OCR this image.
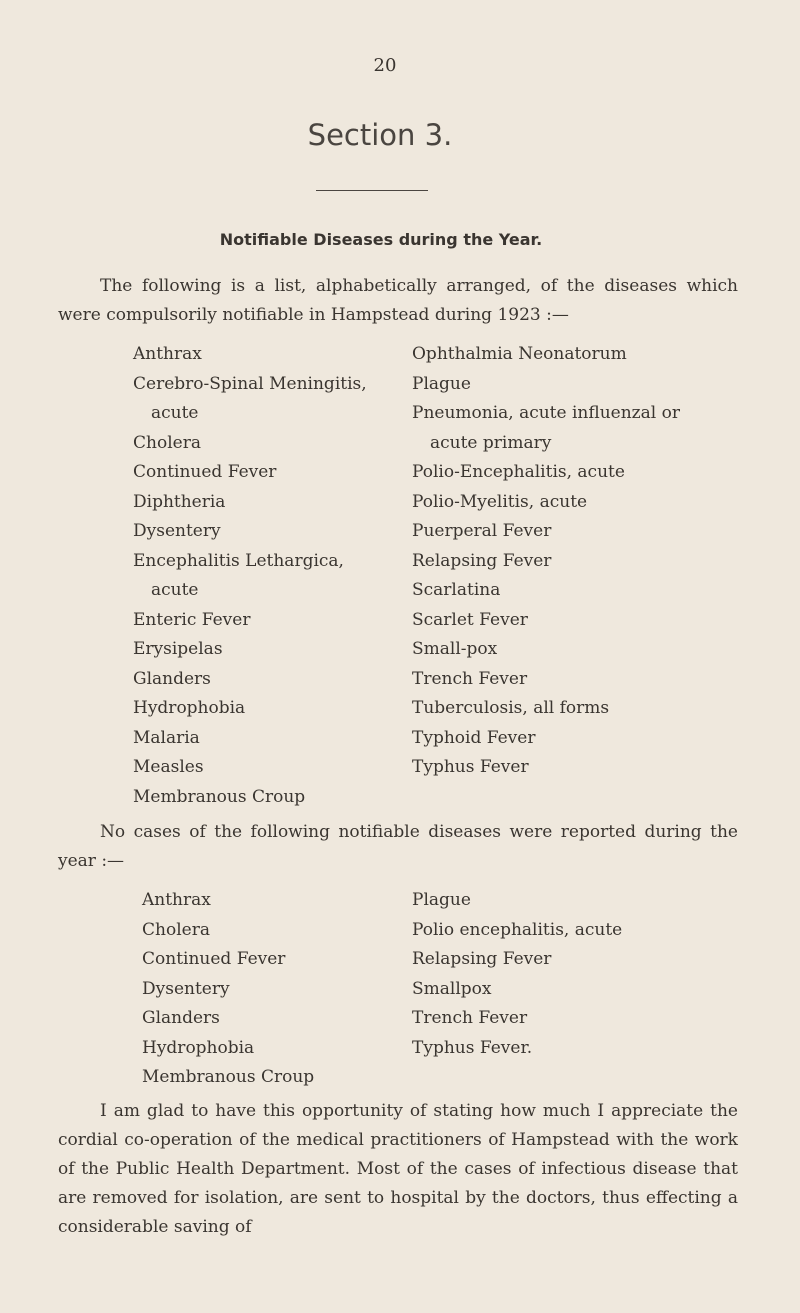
20
Section 3.
Notifiable Diseases during the Year.

The following is a list, alphabetically arranged, of the diseases which were compulsorily notifiable in Hampstead during 1923 :—

Anthrax
Cerebro-Spinal Meningitis,
acute
Cholera
Continued Fever
Diphtheria
Dysentery
Encephalitis Lethargica,
acute
Enteric Fever
Erysipelas
Glanders
Hydrophobia
Malaria
Measles
Membranous Croup
Ophthalmia Neonatorum
Plague
Pneumonia, acute influenzal or
acute primary
Polio-Encephalitis, acute
Polio-Myelitis, acute
Puerperal Fever
Relapsing Fever
Scarlatina
Scarlet Fever
Small-pox
Trench Fever
Tuberculosis, all forms
Typhoid Fever
Typhus Fever

No cases of the following notifiable diseases were reported during the year :—

Anthrax
Cholera
Continued Fever
Dysentery
Glanders
Hydrophobia
Membranous Croup
Plague
Polio encephalitis, acute
Relapsing Fever
Smallpox
Trench Fever
Typhus Fever.

I am glad to have this opportunity of stating how much I appreciate the cordial co-operation of the medical practitioners of Hampstead with the work of the Public Health Department. Most of the cases of infectious disease that are removed for isolation, are sent to hospital by the doctors, thus effecting a considerable saving of
